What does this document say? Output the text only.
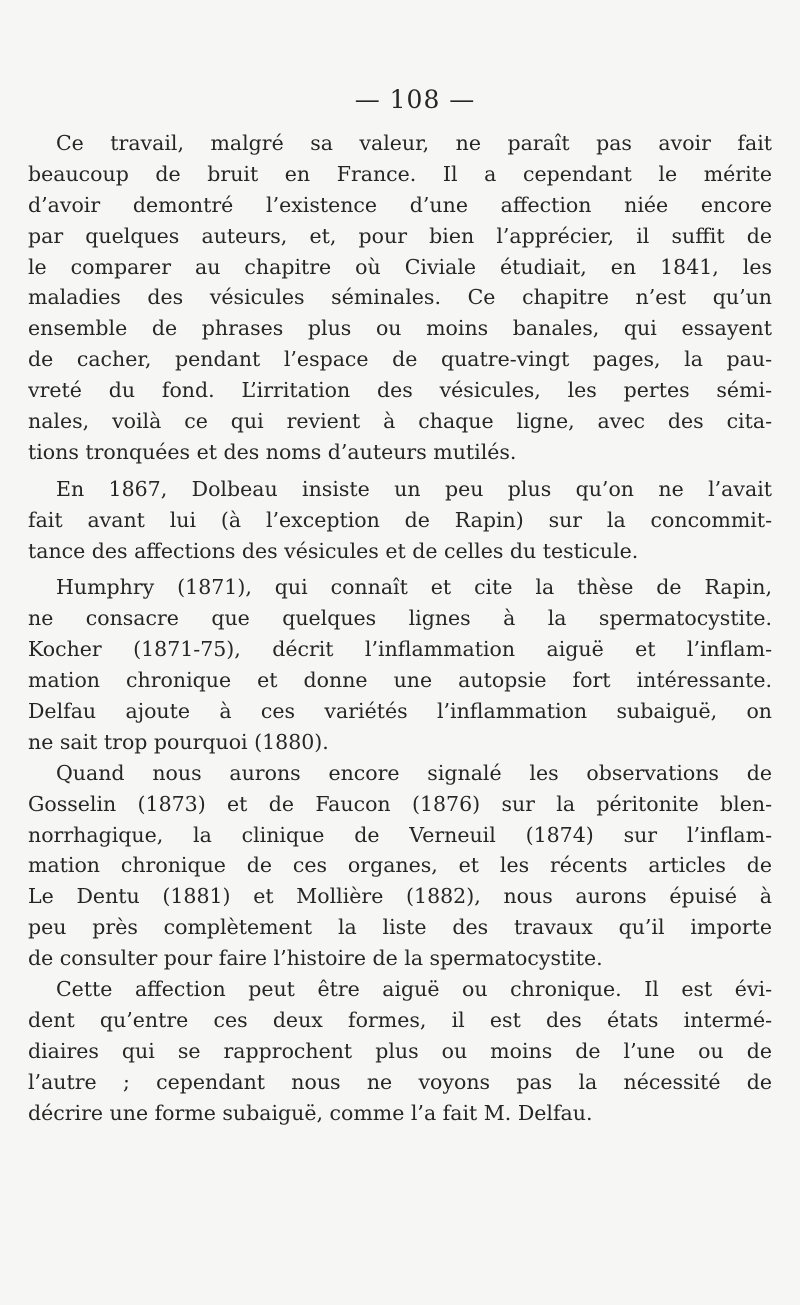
— 108 —
Ce travail, malgré sa valeur, ne paraît pas avoir fait
beaucoup de bruit en France. Il a cependant le mérite
d’avoir demontré l’existence d’une affection niée encore
par quelques auteurs, et, pour bien l’apprécier, il suffit de
le comparer au chapitre où Civiale étudiait, en 1841, les
maladies des vésicules séminales. Ce chapitre n’est qu’un
ensemble de phrases plus ou moins banales, qui essayent
de cacher, pendant l’espace de quatre-vingt pages, la pau-
vreté du fond. L’irritation des vésicules, les pertes sémi-
nales, voilà ce qui revient à chaque ligne, avec des cita-
tions tronquées et des noms d’auteurs mutilés.
En 1867, Dolbeau insiste un peu plus qu’on ne l’avait
fait avant lui (à l’exception de Rapin) sur la concommit-
tance des affections des vésicules et de celles du testicule.
Humphry (1871), qui connaît et cite la thèse de Rapin,
ne consacre que quelques lignes à la spermatocystite.
Kocher (1871-75), décrit l’inflammation aiguë et l’inflam-
mation chronique et donne une autopsie fort intéressante.
Delfau ajoute à ces variétés l’inflammation subaiguë, on
ne sait trop pourquoi (1880).
Quand nous aurons encore signalé les observations de
Gosselin (1873) et de Faucon (1876) sur la péritonite blen-
norrhagique, la clinique de Verneuil (1874) sur l’inflam-
mation chronique de ces organes, et les récents articles de
Le Dentu (1881) et Mollière (1882), nous aurons épuisé à
peu près complètement la liste des travaux qu’il importe
de consulter pour faire l’histoire de la spermatocystite.
Cette affection peut être aiguë ou chronique. Il est évi-
dent qu’entre ces deux formes, il est des états intermé-
diaires qui se rapprochent plus ou moins de l’une ou de
l’autre ; cependant nous ne voyons pas la nécessité de
décrire une forme subaiguë, comme l’a fait M. Delfau.
